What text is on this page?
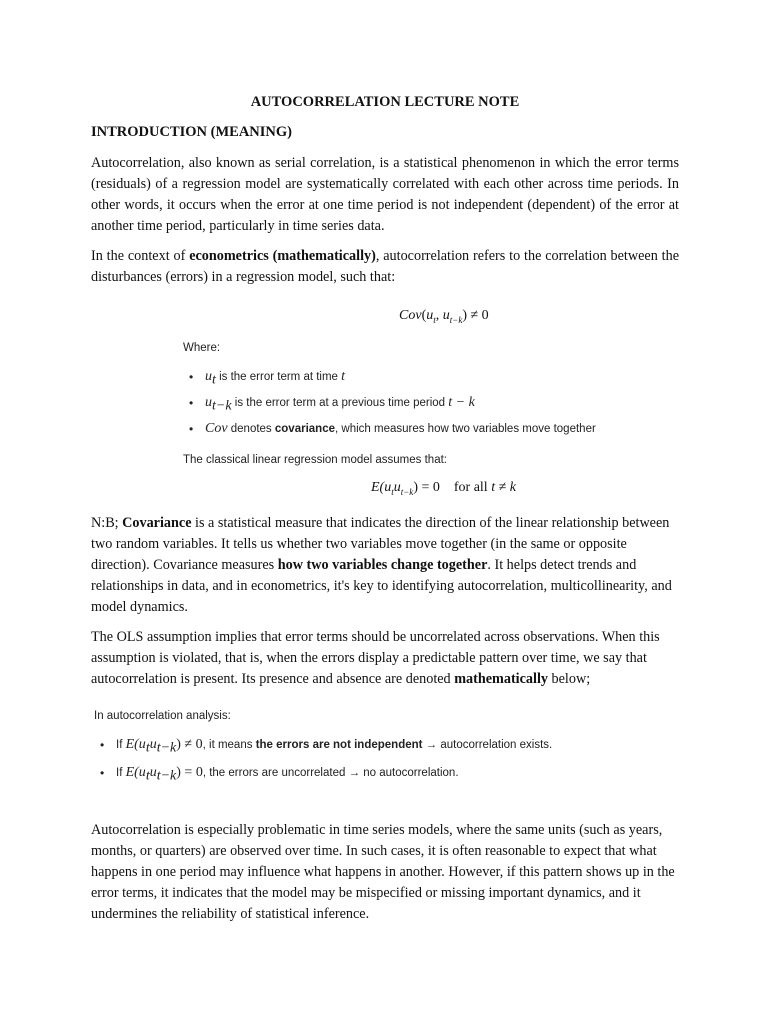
AUTOCORRELATION LECTURE NOTE
INTRODUCTION (MEANING)
Autocorrelation, also known as serial correlation, is a statistical phenomenon in which the error terms (residuals) of a regression model are systematically correlated with each other across time periods. In other words, it occurs when the error at one time period is not independent (dependent) of the error at another time period, particularly in time series data.
In the context of econometrics (mathematically), autocorrelation refers to the correlation between the disturbances (errors) in a regression model, such that:
$Cov(u_t$, $u_{t-k}) \ne 0$
Where:
• $u_t$ is the error term at time t
• $u_{t-k}$ is the error term at a previous time period t − k
• Cov denotes covariance, which measures how two variables move together
The classical linear regression model assumes that:
$E(u_tu_{t-k}) = 0$ for all t ≠ k
N:B; Covariance is a statistical measure that indicates the direction of the linear relationship between two random variables. It tells us whether two variables move together (in the same or opposite direction). Covariance measures how two variables change together. It helps detect trends and relationships in data, and in econometrics, it's key to identifying autocorrelation, multicollinearity, and model dynamics.
The OLS assumption implies that error terms should be uncorrelated across observations. When this assumption is violated, that is, when the errors display a predictable pattern over time, we say that autocorrelation is present. Its presence and absence are denoted mathematically below;
In autocorrelation analysis:
• If $E(u_tu_{t-k}) \ne 0$, it means the errors are not independent → autocorrelation exists.
• If $E(u_tu_{t-k}) = 0$, the errors are uncorrelated → no autocorrelation.
Autocorrelation is especially problematic in time series models, where the same units (such as years, months, or quarters) are observed over time. In such cases, it is often reasonable to expect that what happens in one period may influence what happens in another. However, if this pattern shows up in the error terms, it indicates that the model may be mispecified or missing important dynamics, and it undermines the reliability of statistical inference.
